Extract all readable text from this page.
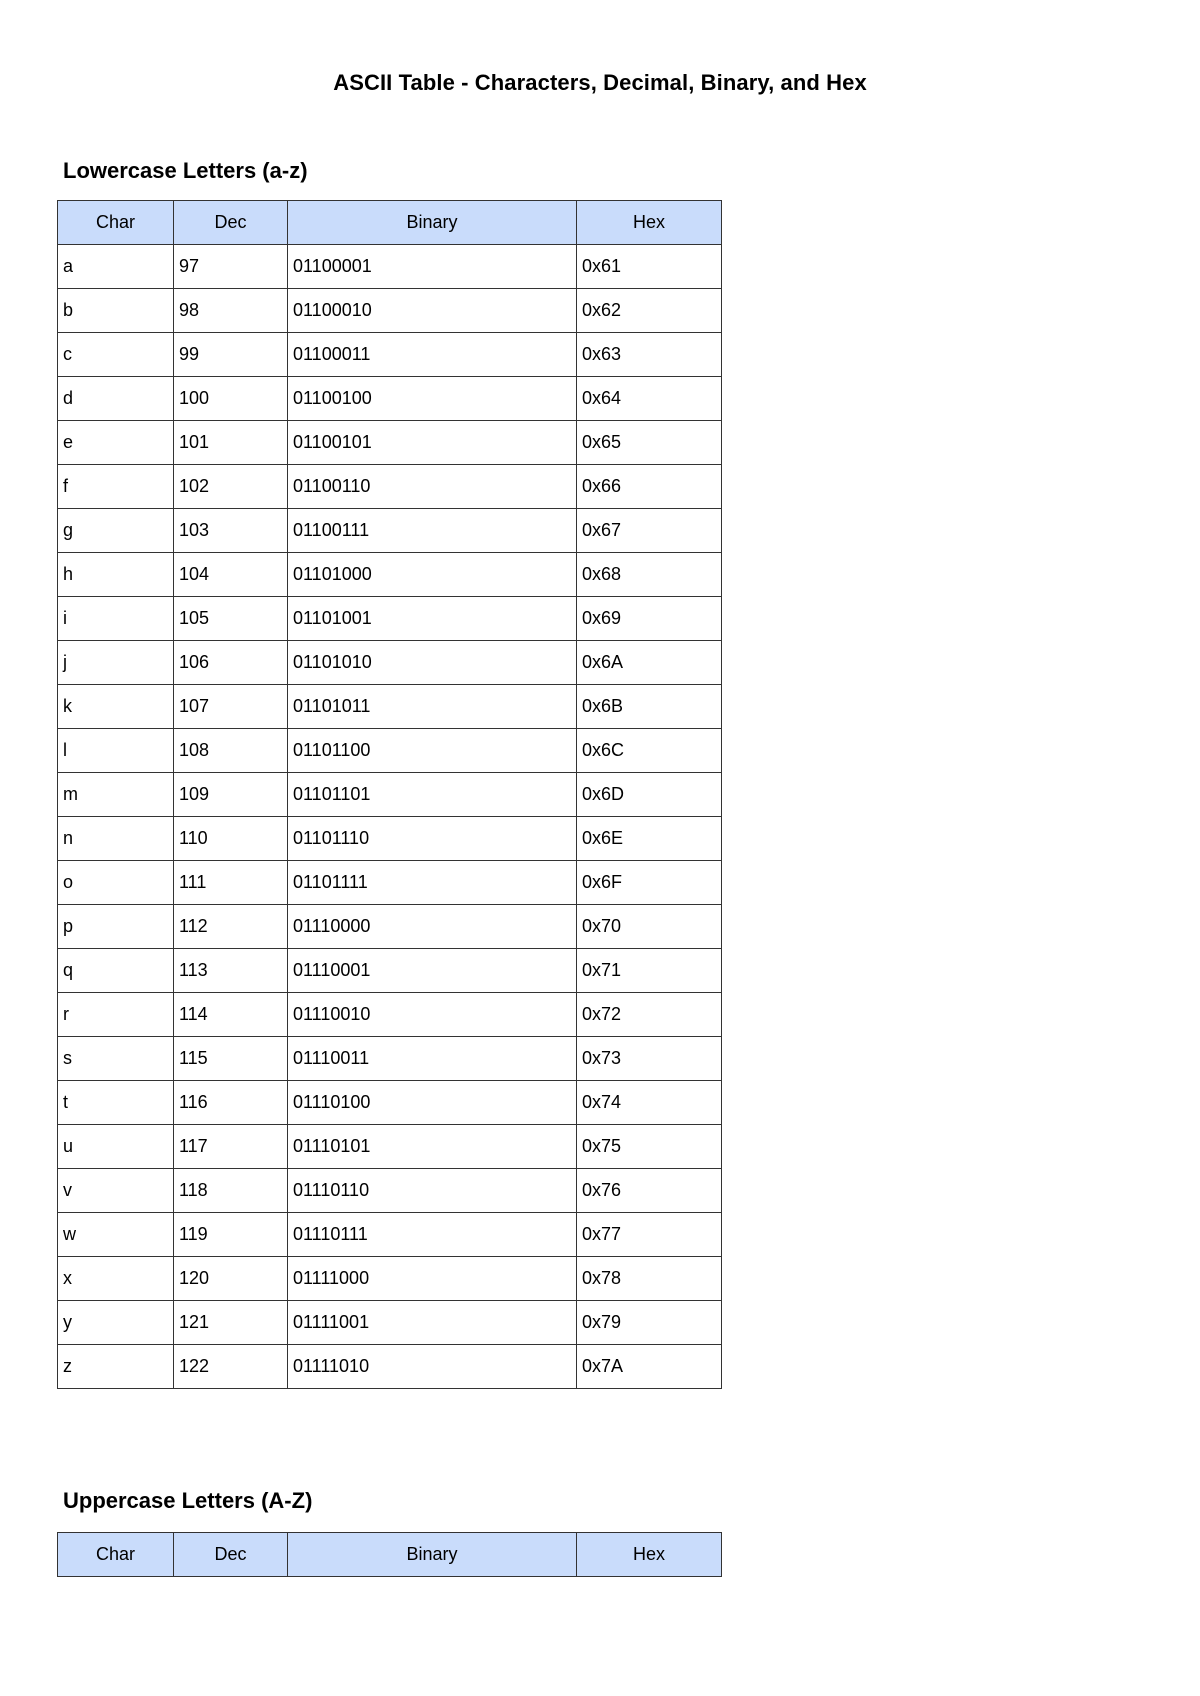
ASCII Table - Characters, Decimal, Binary, and Hex
Lowercase Letters (a-z)
Char	Dec	Binary	Hex
a	97	01100001	0x61
b	98	01100010	0x62
c	99	01100011	0x63
d	100	01100100	0x64
e	101	01100101	0x65
f	102	01100110	0x66
g	103	01100111	0x67
h	104	01101000	0x68
i	105	01101001	0x69
j	106	01101010	0x6A
k	107	01101011	0x6B
l	108	01101100	0x6C
m	109	01101101	0x6D
n	110	01101110	0x6E
o	111	01101111	0x6F
p	112	01110000	0x70
q	113	01110001	0x71
r	114	01110010	0x72
s	115	01110011	0x73
t	116	01110100	0x74
u	117	01110101	0x75
v	118	01110110	0x76
w	119	01110111	0x77
x	120	01111000	0x78
y	121	01111001	0x79
z	122	01111010	0x7A
Uppercase Letters (A-Z)
Char	Dec	Binary	Hex
